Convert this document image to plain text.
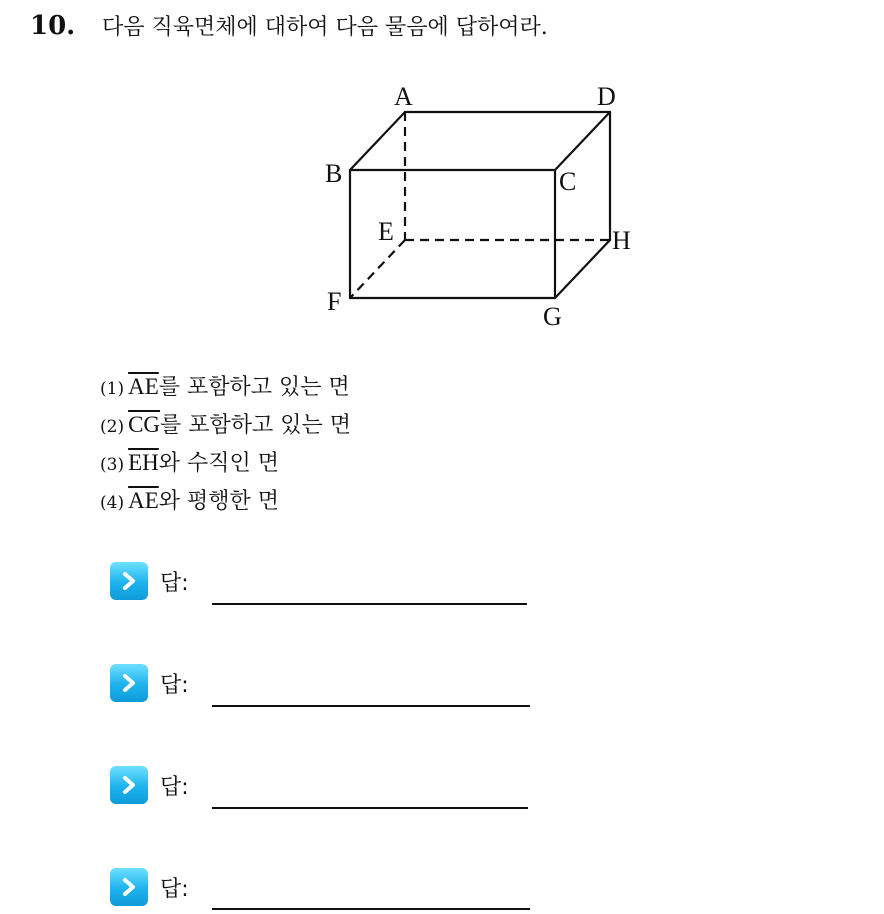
10.	다음 직육면체에 대하여 다음 물음에 답하여라.
A	D
B	C
E	H
F
G
(1) $\overline{AE}$를 포함하고 있는 면
(2) $\overline{CG}$를 포함하고 있는 면
(3) $\overline{EH}$와 수직인 면
(4) $\overline{AE}$와 평행한 면
답:
답:
답:
답:
